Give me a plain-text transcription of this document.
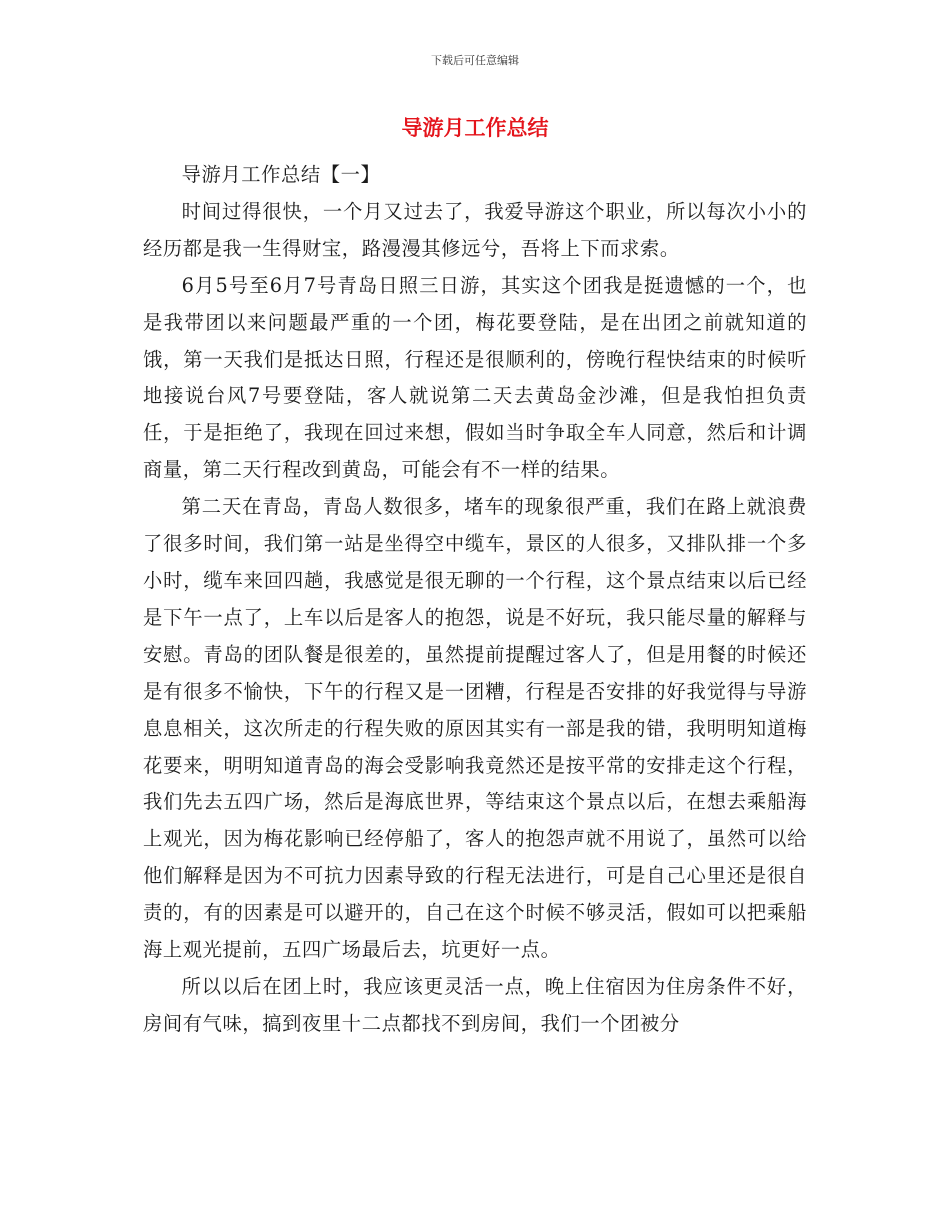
下载后可任意编辑
导游月工作总结

导游月工作总结【一】

时间过得很快，一个月又过去了，我爱导游这个职业，所以每次小小的经历都是我一生得财宝，路漫漫其修远兮，吾将上下而求索。

6月5号至6月7号青岛日照三日游，其实这个团我是挺遗憾的一个，也是我带团以来问题最严重的一个团，梅花要登陆，是在出团之前就知道的饿，第一天我们是抵达日照，行程还是很顺利的，傍晚行程快结束的时候听地接说台风7号要登陆，客人就说第二天去黄岛金沙滩，但是我怕担负责任，于是拒绝了，我现在回过来想，假如当时争取全车人同意，然后和计调商量，第二天行程改到黄岛，可能会有不一样的结果。

第二天在青岛，青岛人数很多，堵车的现象很严重，我们在路上就浪费了很多时间，我们第一站是坐得空中缆车，景区的人很多，又排队排一个多小时，缆车来回四趟，我感觉是很无聊的一个行程，这个景点结束以后已经是下午一点了，上车以后是客人的抱怨，说是不好玩，我只能尽量的解释与安慰。青岛的团队餐是很差的，虽然提前提醒过客人了，但是用餐的时候还是有很多不愉快，下午的行程又是一团糟，行程是否安排的好我觉得与导游息息相关，这次所走的行程失败的原因其实有一部是我的错，我明明知道梅花要来，明明知道青岛的海会受影响我竟然还是按平常的安排走这个行程，我们先去五四广场，然后是海底世界，等结束这个景点以后，在想去乘船海上观光，因为梅花影响已经停船了，客人的抱怨声就不用说了，虽然可以给他们解释是因为不可抗力因素导致的行程无法进行，可是自己心里还是很自责的，有的因素是可以避开的，自己在这个时候不够灵活，假如可以把乘船海上观光提前，五四广场最后去，坑更好一点。

所以以后在团上时，我应该更灵活一点，晚上住宿因为住房条件不好，房间有气味，搞到夜里十二点都找不到房间，我们一个团被分
